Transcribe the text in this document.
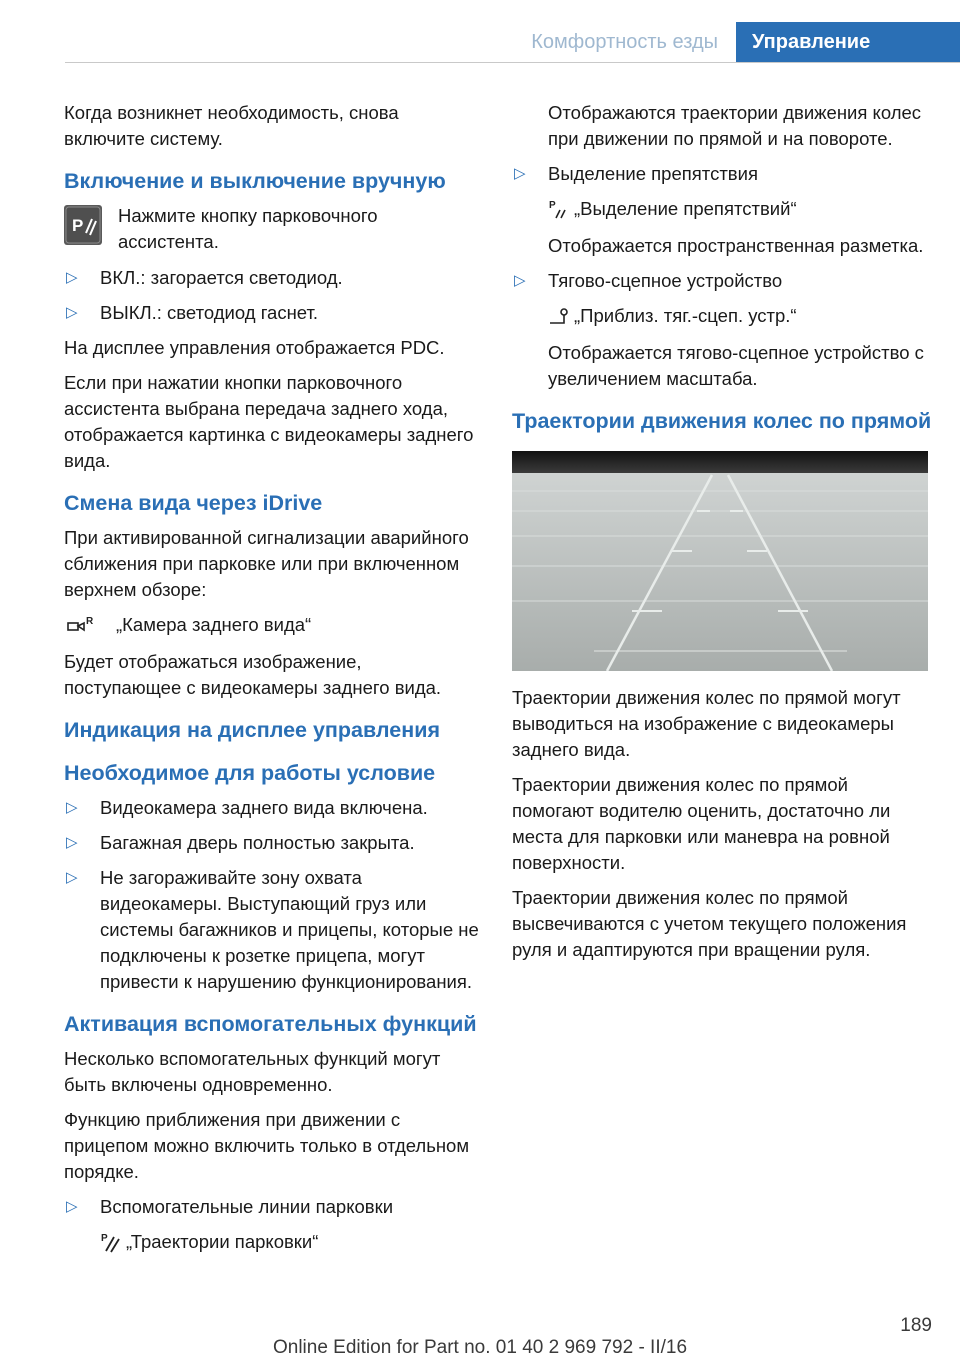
Комфортность езды	Управление

Когда возникнет необходимость, снова включите систему.

Включение и выключение вручную
P Нажмите кнопку парковочного ассистента.
▷ ВКЛ.: загорается светодиод.
▷ ВЫКЛ.: светодиод гаснет.

На дисплее управления отображается PDC.

Если при нажатии кнопки парковочного ассистента выбрана передача заднего хода, отображается картинка с видеокамеры заднего вида.

Смена вида через iDrive

При активированной сигнализации аварийного сближения при парковке или при включенном верхнем обзоре:

R „Камера заднего вида“

Будет отображаться изображение, поступающее с видеокамеры заднего вида.

Индикация на дисплее управления
Необходимое для работы условие
▷ Видеокамера заднего вида включена.
▷ Багажная дверь полностью закрыта.
▷ Не загораживайте зону охвата видеокамеры. Выступающий груз или системы багажников и прицепы, которые не подключены к розетке прицепа, могут привести к нарушению функционирования.
Активация вспомогательных функций

Несколько вспомогательных функций могут быть включены одновременно.

Функцию приближения при движении с прицепом можно включить только в отдельном порядке.

▷ Вспомогательные линии парковки
P „Траектории парковки“

Отображаются траектории движения колес при движении по прямой и на повороте.

▷ Выделение препятствия
P „Выделение препятствий“

Отображается пространственная разметка.

▷ Тягово-сцепное устройство
„Приблиз. тяг.-сцеп. устр.“

Отображается тягово-сцепное устройство с увеличением масштаба.

Траектории движения колес по прямой

Траектории движения колес по прямой могут выводиться на изображение с видеокамеры заднего вида.

Траектории движения колес по прямой помогают водителю оценить, достаточно ли места для парковки или маневра на ровной поверхности.

Траектории движения колес по прямой высвечиваются с учетом текущего положения руля и адаптируются при вращении руля.

189
Online Edition for Part no. 01 40 2 969 792 - II/16
